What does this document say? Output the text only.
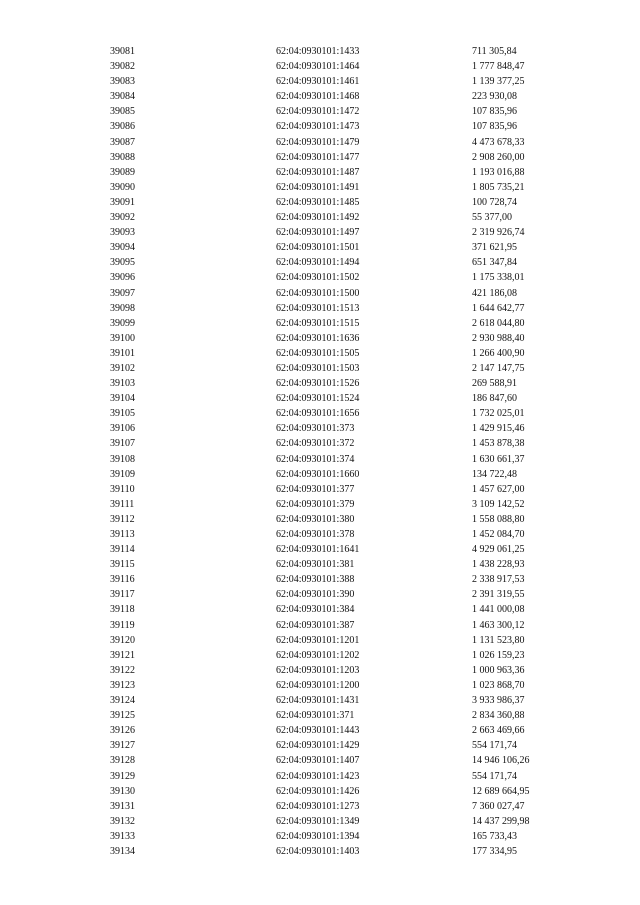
39081	62:04:0930101:1433	711 305,84
39082	62:04:0930101:1464	1 777 848,47
39083	62:04:0930101:1461	1 139 377,25
39084	62:04:0930101:1468	223 930,08
39085	62:04:0930101:1472	107 835,96
39086	62:04:0930101:1473	107 835,96
39087	62:04:0930101:1479	4 473 678,33
39088	62:04:0930101:1477	2 908 260,00
39089	62:04:0930101:1487	1 193 016,88
39090	62:04:0930101:1491	1 805 735,21
39091	62:04:0930101:1485	100 728,74
39092	62:04:0930101:1492	55 377,00
39093	62:04:0930101:1497	2 319 926,74
39094	62:04:0930101:1501	371 621,95
39095	62:04:0930101:1494	651 347,84
39096	62:04:0930101:1502	1 175 338,01
39097	62:04:0930101:1500	421 186,08
39098	62:04:0930101:1513	1 644 642,77
39099	62:04:0930101:1515	2 618 044,80
39100	62:04:0930101:1636	2 930 988,40
39101	62:04:0930101:1505	1 266 400,90
39102	62:04:0930101:1503	2 147 147,75
39103	62:04:0930101:1526	269 588,91
39104	62:04:0930101:1524	186 847,60
39105	62:04:0930101:1656	1 732 025,01
39106	62:04:0930101:373	1 429 915,46
39107	62:04:0930101:372	1 453 878,38
39108	62:04:0930101:374	1 630 661,37
39109	62:04:0930101:1660	134 722,48
39110	62:04:0930101:377	1 457 627,00
39111	62:04:0930101:379	3 109 142,52
39112	62:04:0930101:380	1 558 088,80
39113	62:04:0930101:378	1 452 084,70
39114	62:04:0930101:1641	4 929 061,25
39115	62:04:0930101:381	1 438 228,93
39116	62:04:0930101:388	2 338 917,53
39117	62:04:0930101:390	2 391 319,55
39118	62:04:0930101:384	1 441 000,08
39119	62:04:0930101:387	1 463 300,12
39120	62:04:0930101:1201	1 131 523,80
39121	62:04:0930101:1202	1 026 159,23
39122	62:04:0930101:1203	1 000 963,36
39123	62:04:0930101:1200	1 023 868,70
39124	62:04:0930101:1431	3 933 986,37
39125	62:04:0930101:371	2 834 360,88
39126	62:04:0930101:1443	2 663 469,66
39127	62:04:0930101:1429	554 171,74
39128	62:04:0930101:1407	14 946 106,26
39129	62:04:0930101:1423	554 171,74
39130	62:04:0930101:1426	12 689 664,95
39131	62:04:0930101:1273	7 360 027,47
39132	62:04:0930101:1349	14 437 299,98
39133	62:04:0930101:1394	165 733,43
39134	62:04:0930101:1403	177 334,95
